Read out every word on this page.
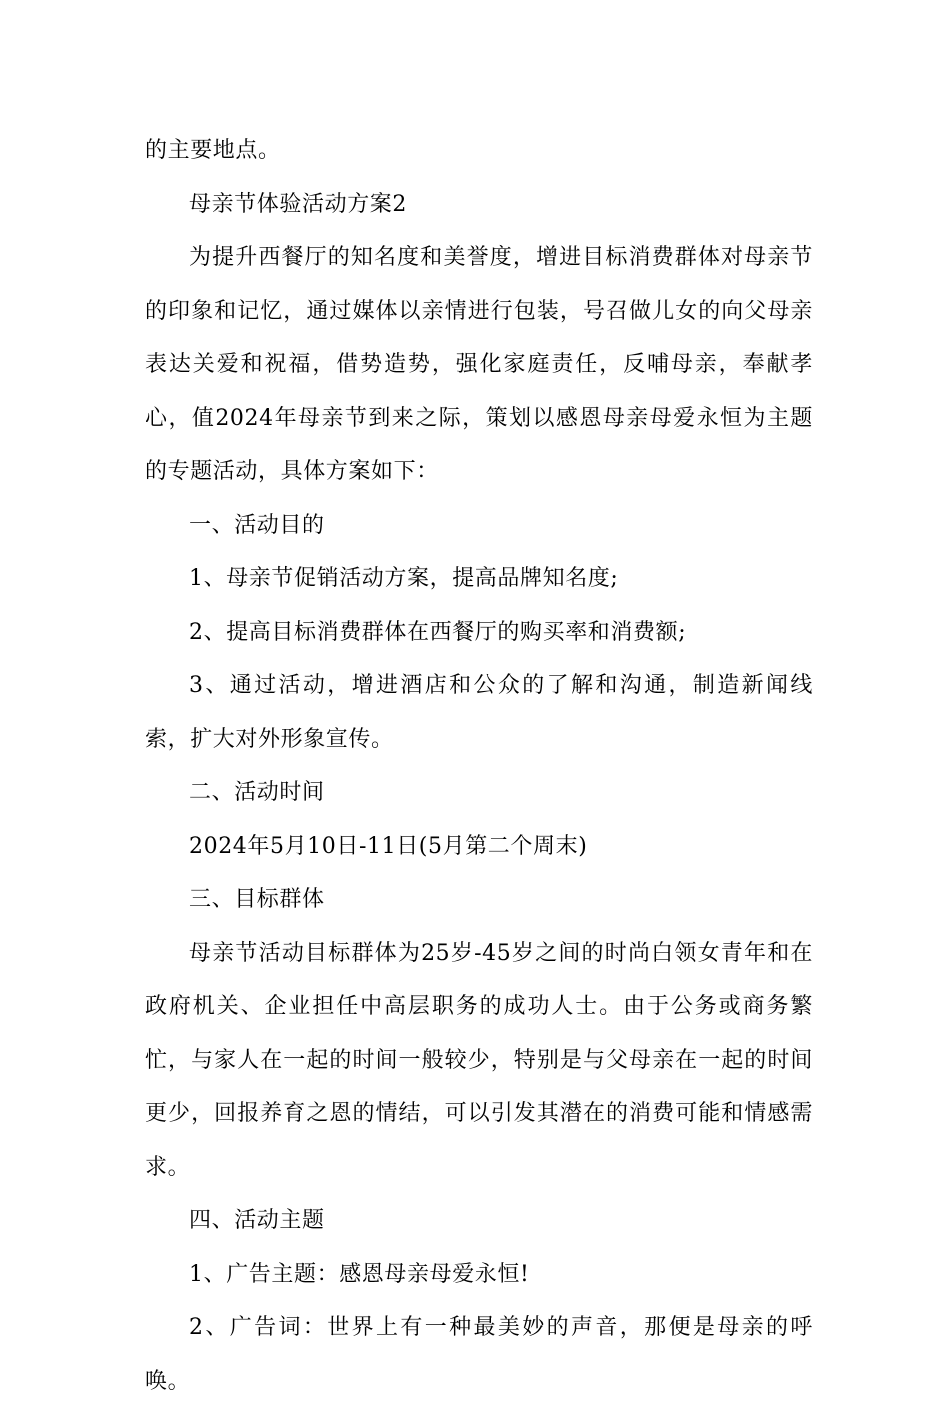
的主要地点。

母亲节体验活动方案2

为提升西餐厅的知名度和美誉度，增进目标消费群体对母亲节的印象和记忆，通过媒体以亲情进行包装，号召做儿女的向父母亲表达关爱和祝福，借势造势，强化家庭责任，反哺母亲，奉献孝心，值2024年母亲节到来之际，策划以感恩母亲母爱永恒为主题的专题活动，具体方案如下：

一、活动目的

1、母亲节促销活动方案，提高品牌知名度;

2、提高目标消费群体在西餐厅的购买率和消费额;

3、通过活动，增进酒店和公众的了解和沟通，制造新闻线索，扩大对外形象宣传。

二、活动时间

2024年5月10日-11日(5月第二个周末)

三、目标群体

母亲节活动目标群体为25岁-45岁之间的时尚白领女青年和在政府机关、企业担任中高层职务的成功人士。由于公务或商务繁忙，与家人在一起的时间一般较少，特别是与父母亲在一起的时间更少，回报养育之恩的情结，可以引发其潜在的消费可能和情感需求。

四、活动主题

1、广告主题：感恩母亲母爱永恒!

2、广告词：世界上有一种最美妙的声音，那便是母亲的呼唤。
